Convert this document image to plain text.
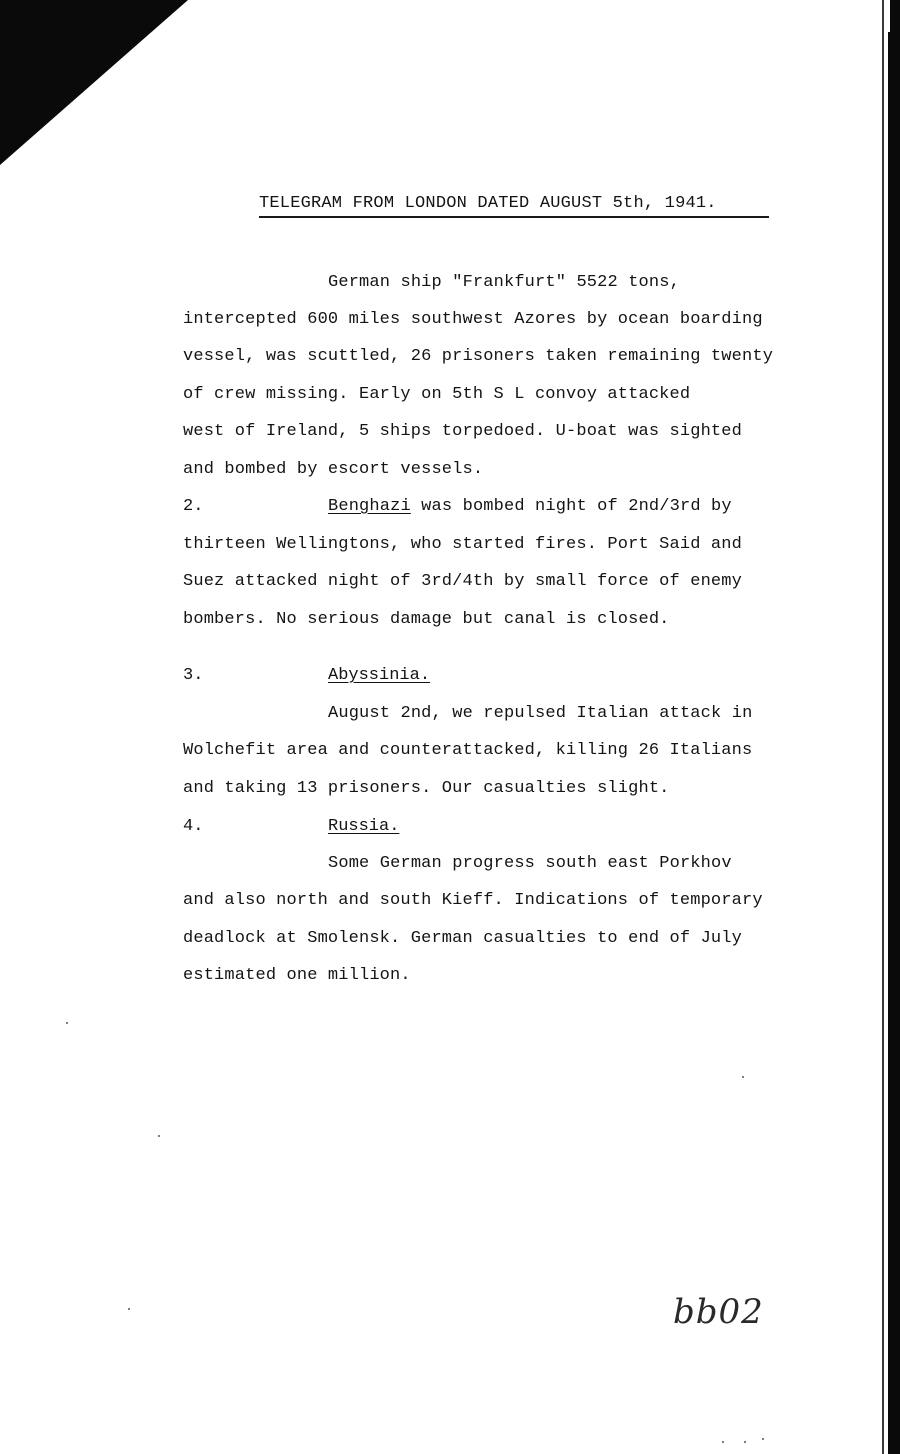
TELEGRAM FROM LONDON DATED AUGUST 5th, 1941.
German ship "Frankfurt" 5522 tons,
intercepted 600 miles southwest Azores by ocean boarding
vessel, was scuttled, 26 prisoners taken remaining twenty
of crew missing. Early on 5th S L convoy attacked
west of Ireland, 5 ships torpedoed. U-boat was sighted
and bombed by escort vessels.
2.	Benghazi was bombed night of 2nd/3rd by
thirteen Wellingtons, who started fires. Port Said and
Suez attacked night of 3rd/4th by small force of enemy
bombers. No serious damage but canal is closed.
3.	Abyssinia.
August 2nd, we repulsed Italian attack in
Wolchefit area and counterattacked, killing 26 Italians
and taking 13 prisoners. Our casualties slight.
4.	Russia.
Some German progress south east Porkhov
and also north and south Kieff. Indications of temporary
deadlock at Smolensk. German casualties to end of July
estimated one million.
bb02
